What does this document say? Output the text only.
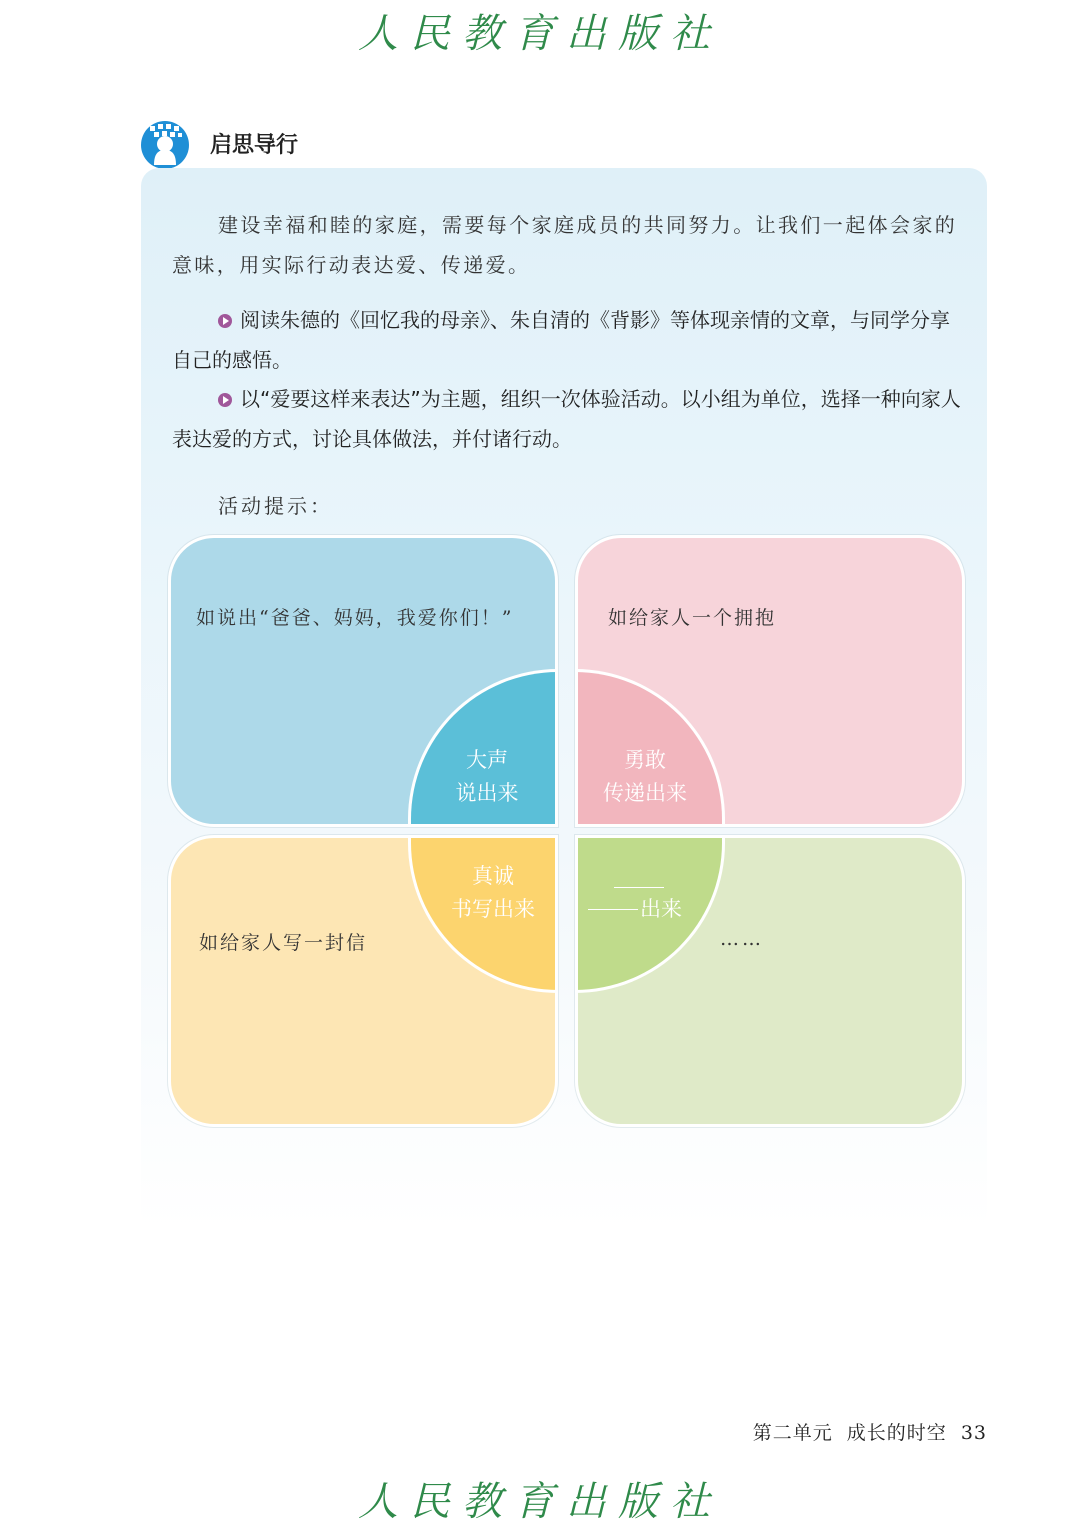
人民教育出版社
启思导行

建设幸福和睦的家庭，需要每个家庭成员的共同努力。让我们一起体会家的意味，用实际行动表达爱、传递爱。

阅读朱德的《回忆我的母亲》、朱自清的《背影》等体现亲情的文章，与同学分享自己的感悟。

以“爱要这样来表达”为主题，组织一次体验活动。以小组为单位，选择一种向家人表达爱的方式，讨论具体做法，并付诸行动。

活动提示：
如说出“爸爸、妈妈，我爱你们！”	如给家人一个拥抱
如给家人写一封信	……
大声
说出来
勇敢
传递出来
真诚
书写出来	出来
第二单元 成长的时空 33
人民教育出版社
